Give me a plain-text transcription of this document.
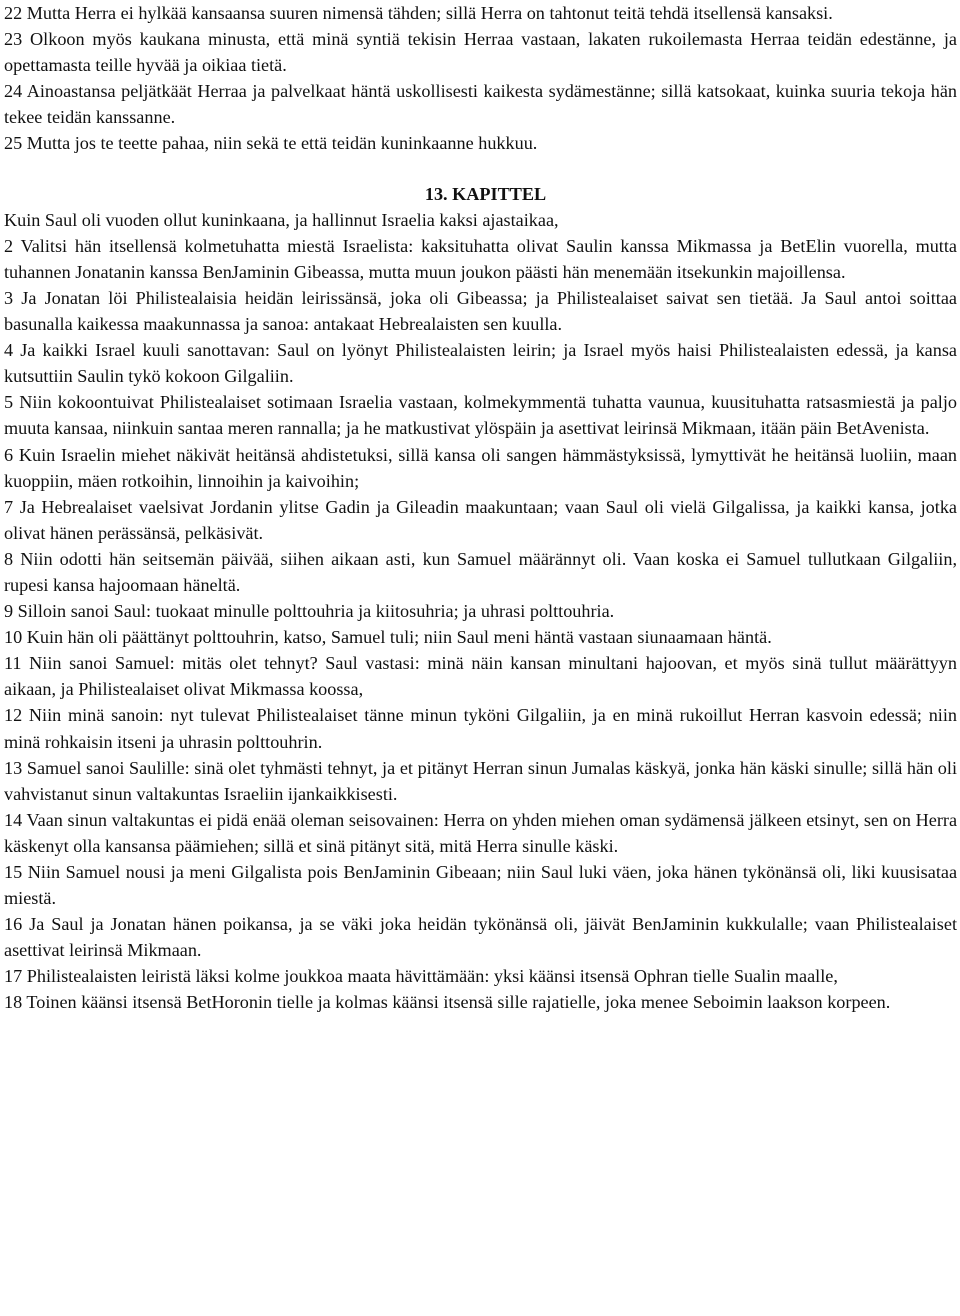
22 Mutta Herra ei hylkää kansaansa suuren nimensä tähden; sillä Herra on tahtonut teitä tehdä itsellensä kansaksi.

23 Olkoon myös kaukana minusta, että minä syntiä tekisin Herraa vastaan, lakaten rukoilemasta Herraa teidän edestänne, ja opettamasta teille hyvää ja oikiaa tietä.

24 Ainoastansa peljätkäät Herraa ja palvelkaat häntä uskollisesti kaikesta sydämestänne; sillä katsokaat, kuinka suuria tekoja hän tekee teidän kanssanne.

25 Mutta jos te teette pahaa, niin sekä te että teidän kuninkaanne hukkuu.

13. KAPITTEL

Kuin Saul oli vuoden ollut kuninkaana, ja hallinnut Israelia kaksi ajastaikaa,

2 Valitsi hän itsellensä kolmetuhatta miestä Israelista: kaksituhatta olivat Saulin kanssa Mikmassa ja BetElin vuorella, mutta tuhannen Jonatanin kanssa BenJaminin Gibeassa, mutta muun joukon päästi hän menemään itsekunkin majoillensa.

3 Ja Jonatan löi Philistealaisia heidän leirissänsä, joka oli Gibeassa; ja Philistealaiset saivat sen tietää. Ja Saul antoi soittaa basunalla kaikessa maakunnassa ja sanoa: antakaat Hebrealaisten sen kuulla.

4 Ja kaikki Israel kuuli sanottavan: Saul on lyönyt Philistealaisten leirin; ja Israel myös haisi Philistealaisten edessä, ja kansa kutsuttiin Saulin tykö kokoon Gilgaliin.

5 Niin kokoontuivat Philistealaiset sotimaan Israelia vastaan, kolmekymmentä tuhatta vaunua, kuusituhatta ratsasmiestä ja paljo muuta kansaa, niinkuin santaa meren rannalla; ja he matkustivat ylöspäin ja asettivat leirinsä Mikmaan, itään päin BetAvenista.

6 Kuin Israelin miehet näkivät heitänsä ahdistetuksi, sillä kansa oli sangen hämmästyksissä, lymyttivät he heitänsä luoliin, maan kuoppiin, mäen rotkoihin, linnoihin ja kaivoihin;

7 Ja Hebrealaiset vaelsivat Jordanin ylitse Gadin ja Gileadin maakuntaan; vaan Saul oli vielä Gilgalissa, ja kaikki kansa, jotka olivat hänen perässänsä, pelkäsivät.

8 Niin odotti hän seitsemän päivää, siihen aikaan asti, kun Samuel määrännyt oli. Vaan koska ei Samuel tullutkaan Gilgaliin, rupesi kansa hajoomaan häneltä.

9 Silloin sanoi Saul: tuokaat minulle polttouhria ja kiitosuhria; ja uhrasi polttouhria.

10 Kuin hän oli päättänyt polttouhrin, katso, Samuel tuli; niin Saul meni häntä vastaan siunaamaan häntä.

11 Niin sanoi Samuel: mitäs olet tehnyt? Saul vastasi: minä näin kansan minultani hajoovan, et myös sinä tullut määrättyyn aikaan, ja Philistealaiset olivat Mikmassa koossa,

12 Niin minä sanoin: nyt tulevat Philistealaiset tänne minun tyköni Gilgaliin, ja en minä rukoillut Herran kasvoin edessä; niin minä rohkaisin itseni ja uhrasin polttouhrin.

13 Samuel sanoi Saulille: sinä olet tyhmästi tehnyt, ja et pitänyt Herran sinun Jumalas käskyä, jonka hän käski sinulle; sillä hän oli vahvistanut sinun valtakuntas Israeliin ijankaikkisesti.

14 Vaan sinun valtakuntas ei pidä enää oleman seisovainen: Herra on yhden miehen oman sydämensä jälkeen etsinyt, sen on Herra käskenyt olla kansansa päämiehen; sillä et sinä pitänyt sitä, mitä Herra sinulle käski.

15 Niin Samuel nousi ja meni Gilgalista pois BenJaminin Gibeaan; niin Saul luki väen, joka hänen tykönänsä oli, liki kuusisataa miestä.

16 Ja Saul ja Jonatan hänen poikansa, ja se väki joka heidän tykönänsä oli, jäivät BenJaminin kukkulalle; vaan Philistealaiset asettivat leirinsä Mikmaan.

17 Philistealaisten leiristä läksi kolme joukkoa maata hävittämään: yksi käänsi itsensä Ophran tielle Sualin maalle,

18 Toinen käänsi itsensä BetHoronin tielle ja kolmas käänsi itsensä sille rajatielle, joka menee Seboimin laakson korpeen.
